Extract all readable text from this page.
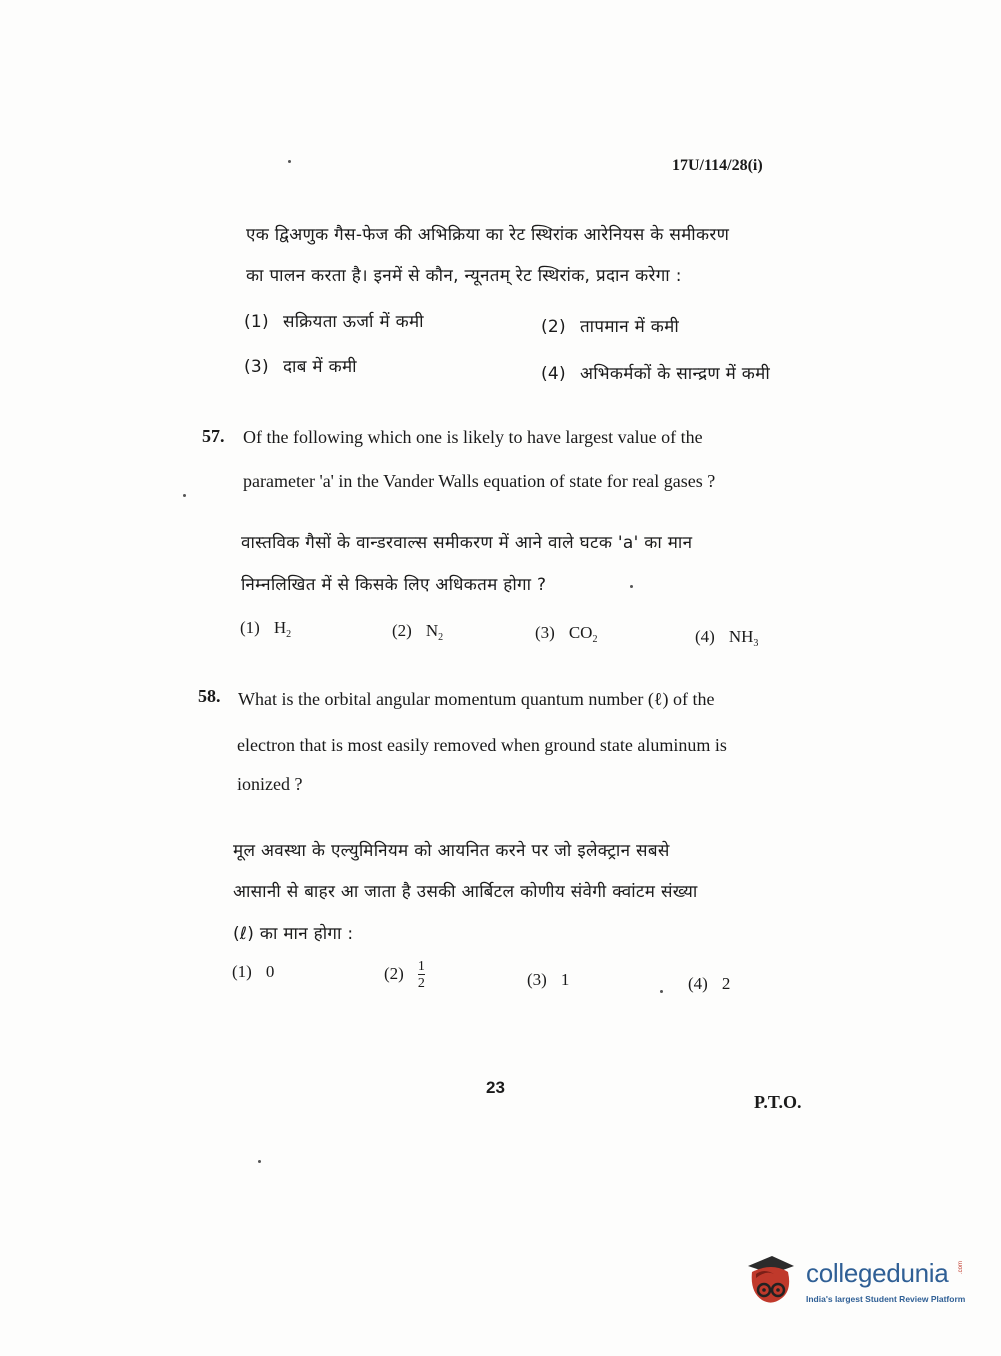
17U/114/28(i)
एक द्विअणुक गैस-फेज की अभिक्रिया का रेट स्थिरांक आरेनियस के समीकरण
का पालन करता है। इनमें से कौन, न्यूनतम् रेट स्थिरांक, प्रदान करेगा :
(1) सक्रियता ऊर्जा में कमी	(2) तापमान में कमी
(3) दाब में कमी	(4) अभिकर्मकों के सान्द्रण में कमी
57. Of the following which one is likely to have largest value of the
parameter 'a' in the Vander Walls equation of state for real gases ?
वास्तविक गैसों के वान्डरवाल्स समीकरण में आने वाले घटक 'a' का मान
निम्नलिखित में से किसके लिए अधिकतम होगा ?
(1) $H_2$	(2) $N_2$	(3) $CO_2$	(4) $NH_3$
58. What is the orbital angular momentum quantum number (ℓ) of the
electron that is most easily removed when ground state aluminum is
ionized ?
मूल अवस्था के एल्युमिनियम को आयनित करने पर जो इलेक्ट्रान सबसे
आसानी से बाहर आ जाता है उसकी आर्बिटल कोणीय संवेगी क्वांटम संख्या
(ℓ) का मान होगा :
(1) 0	$(2) \frac{1}{2}$	(3) 1	(4) 2
23
P.T.O.
collegedunia .com
India's largest Student Review Platform
